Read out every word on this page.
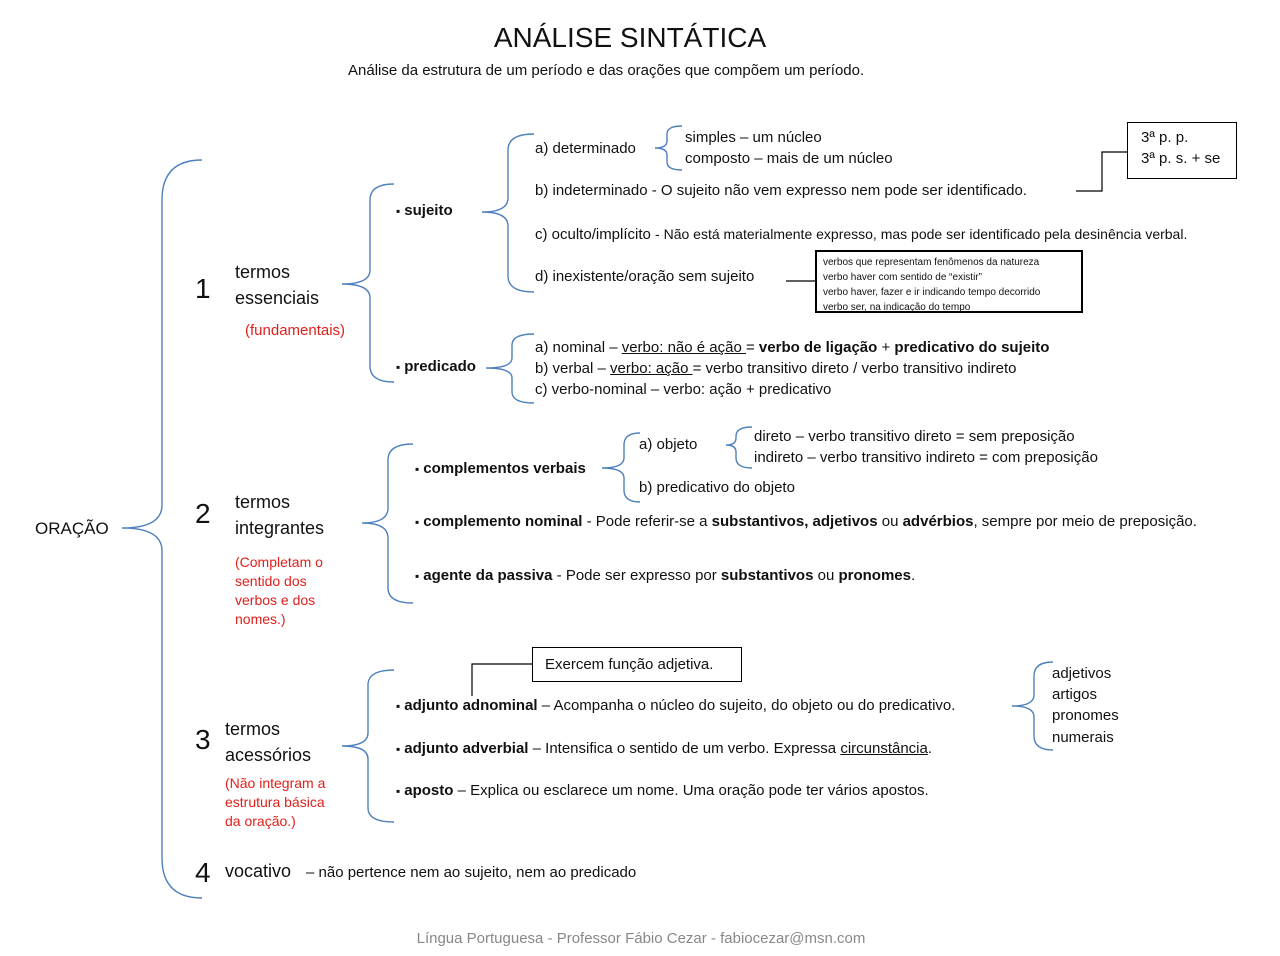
ANÁLISE SINTÁTICA
Análise da estrutura de um período e das orações que compõem um período.
ORAÇÃO
1
termos
essenciais
(fundamentais)
▪ sujeito
a) determinado
simples – um núcleo
composto – mais de um núcleo
b) indeterminado - O sujeito não vem expresso nem pode ser identificado.
3ª p. p.
3ª p. s. + se
c) oculto/implícito - Não está materialmente expresso, mas pode ser identificado pela desinência verbal.
d) inexistente/oração sem sujeito
verbos que representam fenômenos da natureza
verbo haver com sentido de “existir”
verbo haver, fazer e ir indicando tempo decorrido
verbo ser, na indicação do tempo
▪ predicado
a) nominal – verbo: não é ação = verbo de ligação + predicativo do sujeito
b) verbal – verbo: ação = verbo transitivo direto / verbo transitivo indireto
c) verbo-nominal – verbo: ação + predicativo
2 termos
integrantes
(Completam o
sentido dos
verbos e dos
nomes.)
▪ complementos verbais
a) objeto	direto – verbo transitivo direto = sem preposição
indireto – verbo transitivo indireto = com preposição
b) predicativo do objeto
▪ complemento nominal - Pode referir-se a substantivos, adjetivos ou advérbios, sempre por meio de preposição.
▪ agente da passiva - Pode ser expresso por substantivos ou pronomes.
3 termos
acessórios
(Não integram a
estrutura básica
da oração.)
Exercem função adjetiva.
▪ adjunto adnominal – Acompanha o núcleo do sujeito, do objeto ou do predicativo.
adjetivos
artigos
pronomes
numerais
▪ adjunto adverbial – Intensifica o sentido de um verbo. Expressa circunstância.
▪ aposto – Explica ou esclarece um nome. Uma oração pode ter vários apostos.
4 vocativo – não pertence nem ao sujeito, nem ao predicado
Língua Portuguesa - Professor Fábio Cezar - fabiocezar@msn.com
